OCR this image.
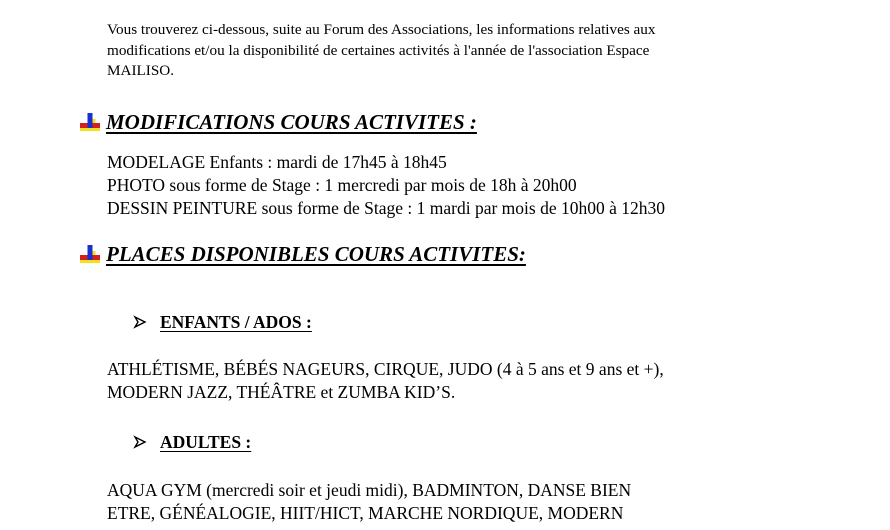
Vous trouverez ci-dessous, suite au Forum des Associations, les informations relatives aux
modifications et/ou la disponibilité de certaines activités à l'année de l'association Espace
MAILISO.

MODIFICATIONS COURS ACTIVITES :

MODELAGE Enfants : mardi de 17h45 à 18h45
PHOTO sous forme de Stage : 1 mercredi par mois de 18h à 20h00
DESSIN PEINTURE sous forme de Stage : 1 mardi par mois de 10h00 à 12h30

PLACES DISPONIBLES COURS ACTIVITES:
ENFANTS / ADOS :

ATHLÉTISME, BÉBÉS NAGEURS, CIRQUE, JUDO (4 à 5 ans et 9 ans et +),
MODERN JAZZ, THÉÂTRE et ZUMBA KID’S.

ADULTES :

AQUA GYM (mercredi soir et jeudi midi), BADMINTON, DANSE BIEN
ETRE, GÉNÉALOGIE, HIIT/HICT, MARCHE NORDIQUE, MODERN
